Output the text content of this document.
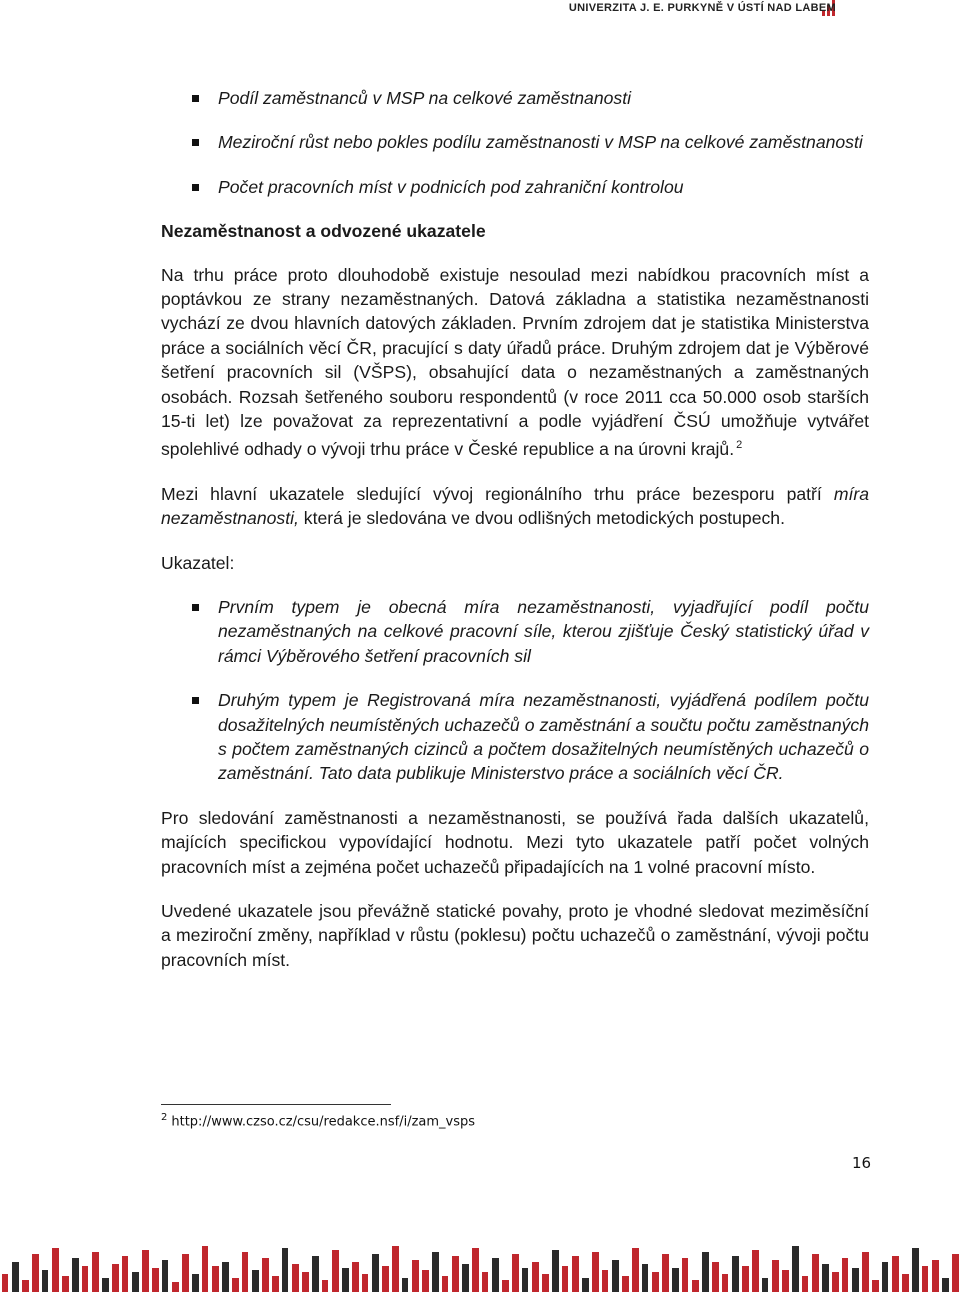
UNIVERZITA J. E. PURKYNĚ V ÚSTÍ NAD LABEM
Podíl zaměstnanců v MSP na celkové zaměstnanosti
Meziroční růst nebo pokles podílu zaměstnanosti v MSP na celkové zaměstnanosti
Počet pracovních míst v podnicích pod zahraniční kontrolou
Nezaměstnanost a odvozené ukazatele

Na trhu práce proto dlouhodobě existuje nesoulad mezi nabídkou pracovních míst a poptávkou ze strany nezaměstnaných. Datová základna a statistika nezaměstnanosti vychází ze dvou hlavních datových základen. Prvním zdrojem dat je statistika Ministerstva práce a sociálních věcí ČR, pracující s daty úřadů práce. Druhým zdrojem dat je Výběrové šetření pracovních sil (VŠPS), obsahující data o nezaměstnaných a zaměstnaných osobách. Rozsah šetřeného souboru respondentů (v roce 2011 cca 50.000 osob starších 15-ti let) lze považovat za reprezentativní a podle vyjádření ČSÚ umožňuje vytvářet spolehlivé odhady o vývoji trhu práce v České republice a na úrovni krajů. $^2$

Mezi hlavní ukazatele sledující vývoj regionálního trhu práce bezesporu patří míra nezaměstnanosti, která je sledována ve dvou odlišných metodických postupech.

Ukazatel:

Prvním typem je obecná míra nezaměstnanosti, vyjadřující podíl počtu nezaměstnaných na celkové pracovní síle, kterou zjišťuje Český statistický úřad v rámci Výběrového šetření pracovních sil
Druhým typem je Registrovaná míra nezaměstnanosti, vyjádřená podílem počtu dosažitelných neumístěných uchazečů o zaměstnání a součtu počtu zaměstnaných s počtem zaměstnaných cizinců a počtem dosažitelných neumístěných uchazečů o zaměstnání. Tato data publikuje Ministerstvo práce a sociálních věcí ČR.

Pro sledování zaměstnanosti a nezaměstnanosti, se používá řada dalších ukazatelů, majících specifickou vypovídající hodnotu. Mezi tyto ukazatele patří počet volných pracovních míst a zejména počet uchazečů připadajících na 1 volné pracovní místo.

Uvedené ukazatele jsou převážně statické povahy, proto je vhodné sledovat meziměsíční a meziroční změny, například v růstu (poklesu) počtu uchazečů o zaměstnání, vývoji počtu pracovních míst.

$^2$ http://www.czso.cz/csu/redakce.nsf/i/zam_vsps
16
